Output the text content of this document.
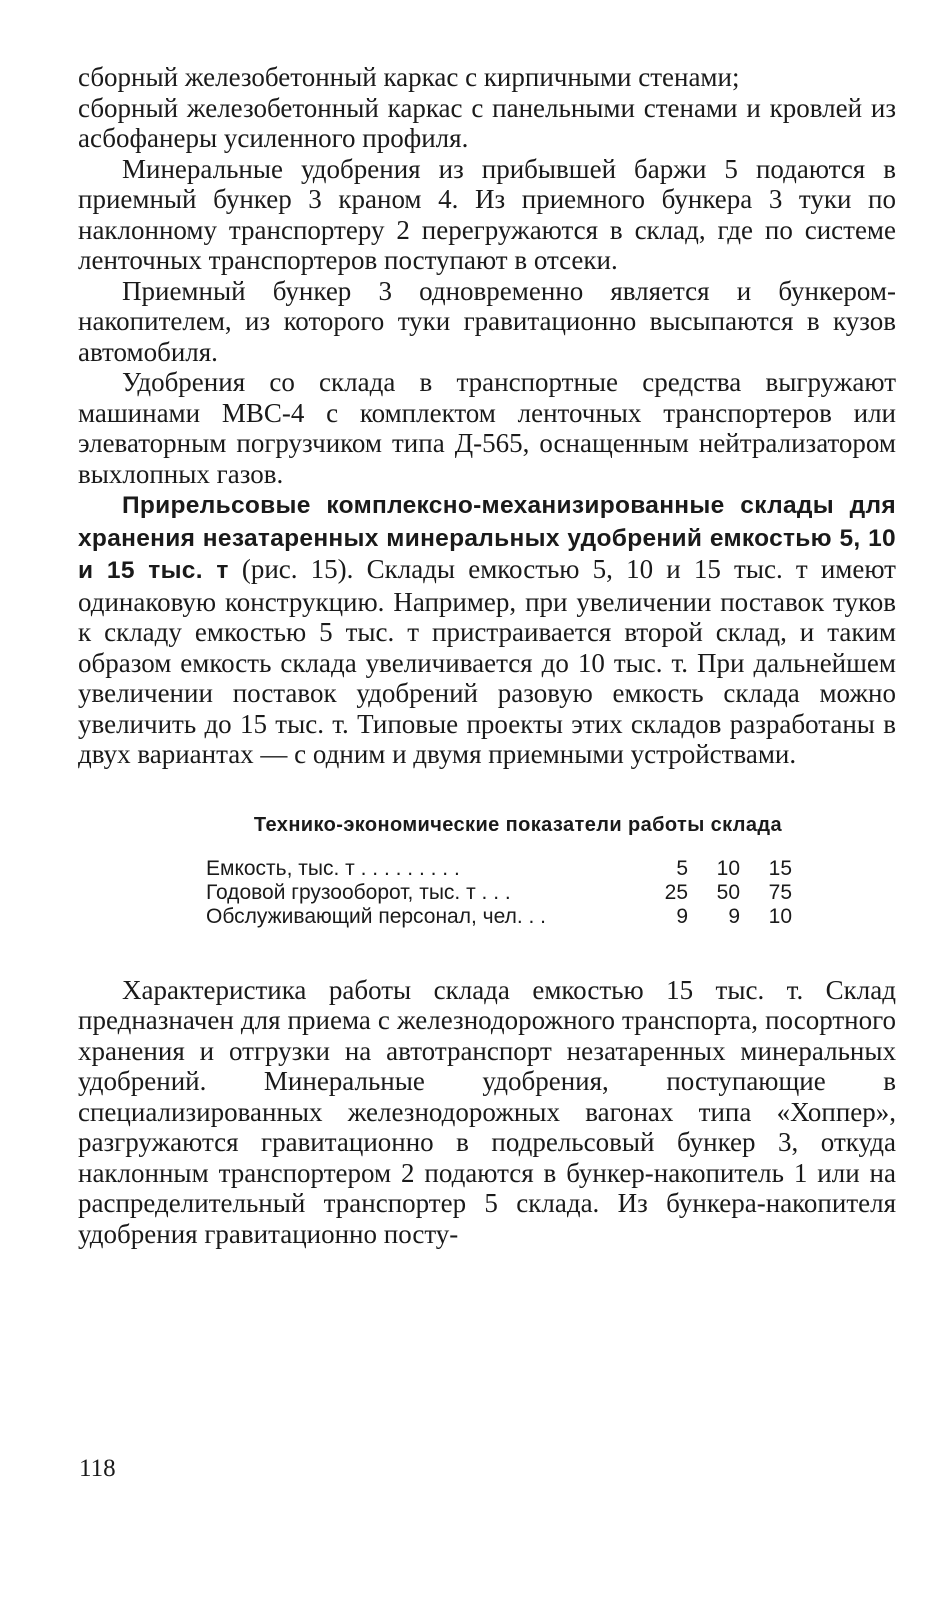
сборный железобетонный каркас с кирпичными стенами;

сборный железобетонный каркас с панельными стенами и кровлей из асбофанеры усиленного профиля.

Минеральные удобрения из прибывшей баржи 5 подаются в приемный бункер 3 краном 4. Из приемного бункера 3 туки по наклонному транспортеру 2 перегружаются в склад, где по системе ленточных транспортеров поступают в отсеки.

Приемный бункер 3 одновременно является и бункером-накопителем, из которого туки гравитационно высыпаются в кузов автомобиля.

Удобрения со склада в транспортные средства выгружают машинами МВС-4 с комплектом ленточных транспортеров или элеваторным погрузчиком типа Д-565, оснащенным нейтрализатором выхлопных газов.

Прирельсовые комплексно-механизированные склады для хранения незатаренных минеральных удобрений емкостью 5, 10 и 15 тыс. т (рис. 15). Склады емкостью 5, 10 и 15 тыс. т имеют одинаковую конструкцию. Например, при увеличении поставок туков к складу емкостью 5 тыс. т пристраивается второй склад, и таким образом емкость склада увеличивается до 10 тыс. т. При дальнейшем увеличении поставок удобрений разовую емкость склада можно увеличить до 15 тыс. т. Типовые проекты этих складов разработаны в двух вариантах — с одним и двумя приемными устройствами.

Технико-экономические показатели работы склада
Емкость, тыс. т . . . . . . . . .	5	10	15
Годовой грузооборот, тыс. т . . .	25	50	75
Обслуживающий персонал, чел. . .	9	9	10

Характеристика работы склада емкостью 15 тыс. т. Склад предназначен для приема с железнодорожного транспорта, посортного хранения и отгрузки на автотранспорт незатаренных минеральных удобрений. Минеральные удобрения, поступающие в специализированных железнодорожных вагонах типа «Хоппер», разгружаются гравитационно в подрельсовый бункер 3, откуда наклонным транспортером 2 подаются в бункер-накопитель 1 или на распределительный транспортер 5 склада. Из бункера-накопителя удобрения гравитационно посту-

118
